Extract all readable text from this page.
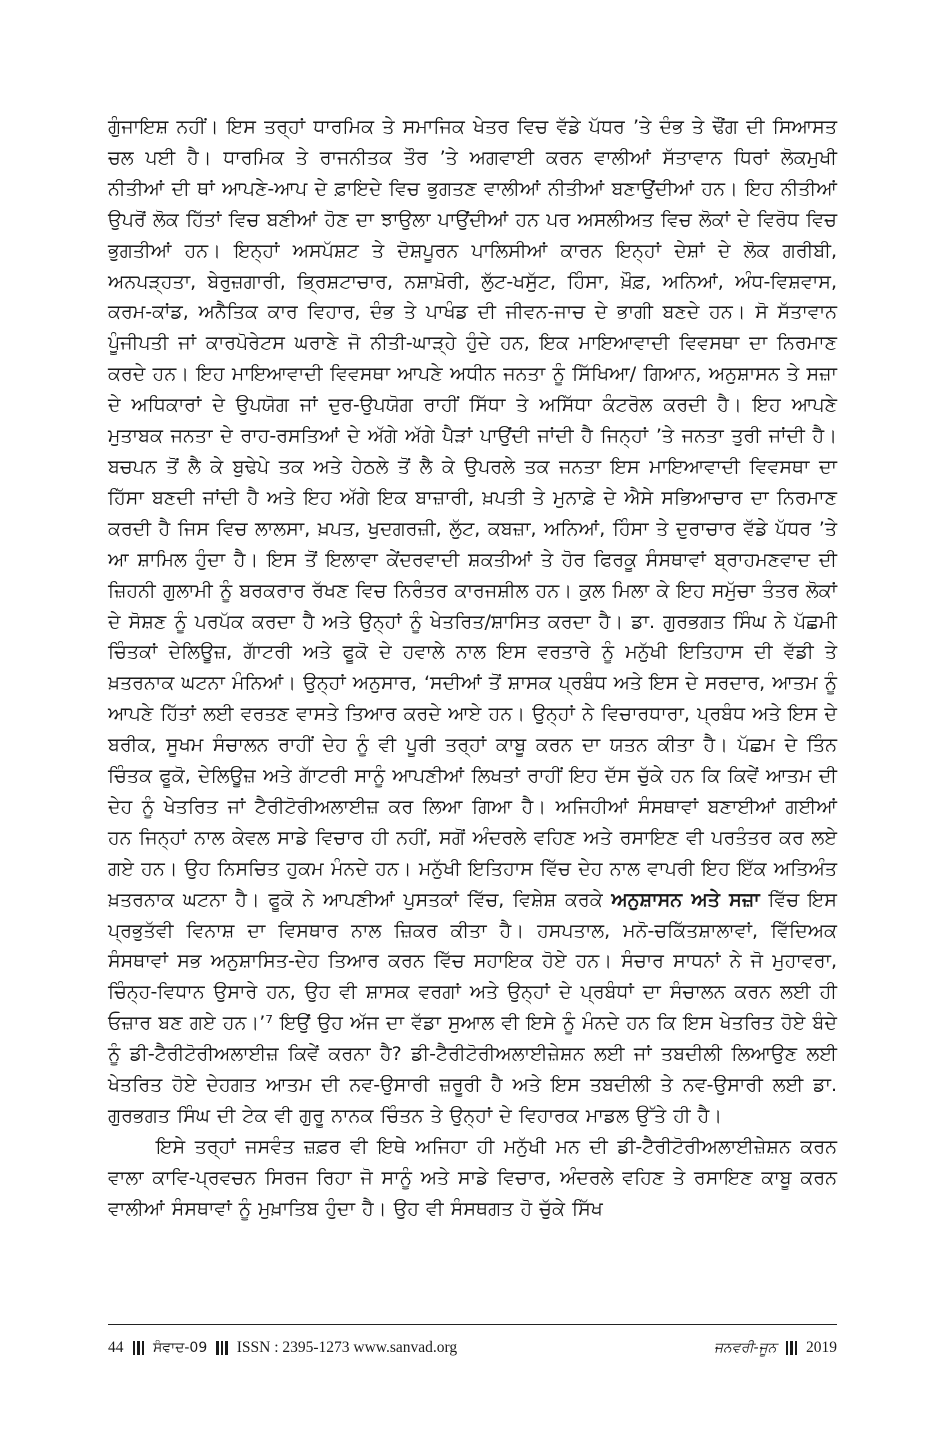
ਗੁੰਜਾਇਸ਼ ਨਹੀਂ। ਇਸ ਤਰ੍ਹਾਂ ਧਾਰਮਿਕ ਤੇ ਸਮਾਜਿਕ ਖੇਤਰ ਵਿਚ ਵੱਡੇ ਪੱਧਰ ’ਤੇ ਦੰਭ ਤੇ ਢੌਂਗ ਦੀ ਸਿਆਸਤ ਚਲ ਪਈ ਹੈ। ਧਾਰਮਿਕ ਤੇ ਰਾਜਨੀਤਕ ਤੌਰ ’ਤੇ ਅਗਵਾਈ ਕਰਨ ਵਾਲੀਆਂ ਸੱਤਾਵਾਨ ਧਿਰਾਂ ਲੋਕਮੁਖੀ ਨੀਤੀਆਂ ਦੀ ਥਾਂ ਆਪਣੇ-ਆਪ ਦੇ ਫ਼ਾਇਦੇ ਵਿਚ ਭੁਗਤਣ ਵਾਲੀਆਂ ਨੀਤੀਆਂ ਬਣਾਉਂਦੀਆਂ ਹਨ। ਇਹ ਨੀਤੀਆਂ ਉਪਰੋਂ ਲੋਕ ਹਿੱਤਾਂ ਵਿਚ ਬਣੀਆਂ ਹੋਣ ਦਾ ਝਾਉਲਾ ਪਾਉਂਦੀਆਂ ਹਨ ਪਰ ਅਸਲੀਅਤ ਵਿਚ ਲੋਕਾਂ ਦੇ ਵਿਰੋਧ ਵਿਚ ਭੁਗਤੀਆਂ ਹਨ। ਇਨ੍ਹਾਂ ਅਸਪੱਸ਼ਟ ਤੇ ਦੋਸ਼ਪੂਰਨ ਪਾਲਿਸੀਆਂ ਕਾਰਨ ਇਨ੍ਹਾਂ ਦੇਸ਼ਾਂ ਦੇ ਲੋਕ ਗਰੀਬੀ, ਅਨਪੜ੍ਹਤਾ, ਬੇਰੁਜ਼ਗਾਰੀ, ਭ੍ਰਿਸ਼ਟਾਚਾਰ, ਨਸ਼ਾਖ਼ੋਰੀ, ਲੁੱਟ-ਖਸੁੱਟ, ਹਿੰਸਾ, ਖ਼ੌਫ਼, ਅਨਿਆਂ, ਅੰਧ-ਵਿਸ਼ਵਾਸ, ਕਰਮ-ਕਾਂਡ, ਅਨੈਤਿਕ ਕਾਰ ਵਿਹਾਰ, ਦੰਭ ਤੇ ਪਾਖੰਡ ਦੀ ਜੀਵਨ-ਜਾਚ ਦੇ ਭਾਗੀ ਬਣਦੇ ਹਨ। ਸੋ ਸੱਤਾਵਾਨ ਪੂੰਜੀਪਤੀ ਜਾਂ ਕਾਰਪੋਰੇਟਸ ਘਰਾਣੇ ਜੋ ਨੀਤੀ-ਘਾੜ੍ਹੇ ਹੁੰਦੇ ਹਨ, ਇਕ ਮਾਇਆਵਾਦੀ ਵਿਵਸਥਾ ਦਾ ਨਿਰਮਾਣ ਕਰਦੇ ਹਨ। ਇਹ ਮਾਇਆਵਾਦੀ ਵਿਵਸਥਾ ਆਪਣੇ ਅਧੀਨ ਜਨਤਾ ਨੂੰ ਸਿੱਖਿਆ/ ਗਿਆਨ, ਅਨੁਸ਼ਾਸਨ ਤੇ ਸਜ਼ਾ ਦੇ ਅਧਿਕਾਰਾਂ ਦੇ ਉਪਯੋਗ ਜਾਂ ਦੁਰ-ਉਪਯੋਗ ਰਾਹੀਂ ਸਿੱਧਾ ਤੇ ਅਸਿੱਧਾ ਕੰਟਰੋਲ ਕਰਦੀ ਹੈ। ਇਹ ਆਪਣੇ ਮੁਤਾਬਕ ਜਨਤਾ ਦੇ ਰਾਹ-ਰਸਤਿਆਂ ਦੇ ਅੱਗੇ ਅੱਗੇ ਪੈੜਾਂ ਪਾਉਂਦੀ ਜਾਂਦੀ ਹੈ ਜਿਨ੍ਹਾਂ ’ਤੇ ਜਨਤਾ ਤੁਰੀ ਜਾਂਦੀ ਹੈ। ਬਚਪਨ ਤੋਂ ਲੈ ਕੇ ਬੁਢੇਪੇ ਤਕ ਅਤੇ ਹੇਠਲੇ ਤੋਂ ਲੈ ਕੇ ਉਪਰਲੇ ਤਕ ਜਨਤਾ ਇਸ ਮਾਇਆਵਾਦੀ ਵਿਵਸਥਾ ਦਾ ਹਿੱਸਾ ਬਣਦੀ ਜਾਂਦੀ ਹੈ ਅਤੇ ਇਹ ਅੱਗੇ ਇਕ ਬਾਜ਼ਾਰੀ, ਖ਼ਪਤੀ ਤੇ ਮੁਨਾਫ਼ੇ ਦੇ ਐਸੇ ਸਭਿਆਚਾਰ ਦਾ ਨਿਰਮਾਣ ਕਰਦੀ ਹੈ ਜਿਸ ਵਿਚ ਲਾਲਸਾ, ਖ਼ਪਤ, ਖੁਦਗਰਜ਼ੀ, ਲੁੱਟ, ਕਬਜ਼ਾ, ਅਨਿਆਂ, ਹਿੰਸਾ ਤੇ ਦੁਰਾਚਾਰ ਵੱਡੇ ਪੱਧਰ ’ਤੇ ਆ ਸ਼ਾਮਿਲ ਹੁੰਦਾ ਹੈ। ਇਸ ਤੋਂ ਇਲਾਵਾ ਕੇਂਦਰਵਾਦੀ ਸ਼ਕਤੀਆਂ ਤੇ ਹੋਰ ਫਿਰਕੂ ਸੰਸਥਾਵਾਂ ਬ੍ਰਾਹਮਣਵਾਦ ਦੀ ਜ਼ਿਹਨੀ ਗੁਲਾਮੀ ਨੂੰ ਬਰਕਰਾਰ ਰੱਖਣ ਵਿਚ ਨਿਰੰਤਰ ਕਾਰਜਸ਼ੀਲ ਹਨ। ਕੁਲ ਮਿਲਾ ਕੇ ਇਹ ਸਮੁੱਚਾ ਤੰਤਰ ਲੋਕਾਂ ਦੇ ਸੋਸ਼ਣ ਨੂੰ ਪਰਪੱਕ ਕਰਦਾ ਹੈ ਅਤੇ ਉਨ੍ਹਾਂ ਨੂੰ ਖੇਤਰਿਤ/ਸ਼ਾਸਿਤ ਕਰਦਾ ਹੈ। ਡਾ. ਗੁਰਭਗਤ ਸਿੰਘ ਨੇ ਪੱਛਮੀ ਚਿੰਤਕਾਂ ਦੇਲਿਊਜ਼, ਗਾੱਟਰੀ ਅਤੇ ਫੂਕੋ ਦੇ ਹਵਾਲੇ ਨਾਲ ਇਸ ਵਰਤਾਰੇ ਨੂੰ ਮਨੁੱਖੀ ਇਤਿਹਾਸ ਦੀ ਵੱਡੀ ਤੇ ਖ਼ਤਰਨਾਕ ਘਟਨਾ ਮੰਨਿਆਂ। ਉਨ੍ਹਾਂ ਅਨੁਸਾਰ, ‘ਸਦੀਆਂ ਤੋਂ ਸ਼ਾਸਕ ਪ੍ਰਬੰਧ ਅਤੇ ਇਸ ਦੇ ਸਰਦਾਰ, ਆਤਮ ਨੂੰ ਆਪਣੇ ਹਿੱਤਾਂ ਲਈ ਵਰਤਣ ਵਾਸਤੇ ਤਿਆਰ ਕਰਦੇ ਆਏ ਹਨ। ਉਨ੍ਹਾਂ ਨੇ ਵਿਚਾਰਧਾਰਾ, ਪ੍ਰਬੰਧ ਅਤੇ ਇਸ ਦੇ ਬਰੀਕ, ਸੂਖਮ ਸੰਚਾਲਨ ਰਾਹੀਂ ਦੇਹ ਨੂੰ ਵੀ ਪੂਰੀ ਤਰ੍ਹਾਂ ਕਾਬੂ ਕਰਨ ਦਾ ਯਤਨ ਕੀਤਾ ਹੈ। ਪੱਛਮ ਦੇ ਤਿੰਨ ਚਿੰਤਕ ਫੂਕੋ, ਦੇਲਿਊਜ਼ ਅਤੇ ਗਾੱਟਰੀ ਸਾਨੂੰ ਆਪਣੀਆਂ ਲਿਖਤਾਂ ਰਾਹੀਂ ਇਹ ਦੱਸ ਚੁੱਕੇ ਹਨ ਕਿ ਕਿਵੇਂ ਆਤਮ ਦੀ ਦੇਹ ਨੂੰ ਖੇਤਰਿਤ ਜਾਂ ਟੈਰੀਟੋਰੀਅਲਾਈਜ਼ ਕਰ ਲਿਆ ਗਿਆ ਹੈ। ਅਜਿਹੀਆਂ ਸੰਸਥਾਵਾਂ ਬਣਾਈਆਂ ਗਈਆਂ ਹਨ ਜਿਨ੍ਹਾਂ ਨਾਲ ਕੇਵਲ ਸਾਡੇ ਵਿਚਾਰ ਹੀ ਨਹੀਂ, ਸਗੋਂ ਅੰਦਰਲੇ ਵਹਿਣ ਅਤੇ ਰਸਾਇਣ ਵੀ ਪਰਤੰਤਰ ਕਰ ਲਏ ਗਏ ਹਨ। ਉਹ ਨਿਸਚਿਤ ਹੁਕਮ ਮੰਨਦੇ ਹਨ। ਮਨੁੱਖੀ ਇਤਿਹਾਸ ਵਿੱਚ ਦੇਹ ਨਾਲ ਵਾਪਰੀ ਇਹ ਇੱਕ ਅਤਿਅੰਤ ਖ਼ਤਰਨਾਕ ਘਟਨਾ ਹੈ। ਫੂਕੋ ਨੇ ਆਪਣੀਆਂ ਪੁਸਤਕਾਂ ਵਿੱਚ, ਵਿਸ਼ੇਸ਼ ਕਰਕੇ ਅਨੁਸ਼ਾਸਨ ਅਤੇ ਸਜ਼ਾ ਵਿੱਚ ਇਸ ਪ੍ਰਭੁਤੱਵੀ ਵਿਨਾਸ਼ ਦਾ ਵਿਸਥਾਰ ਨਾਲ ਜ਼ਿਕਰ ਕੀਤਾ ਹੈ। ਹਸਪਤਾਲ, ਮਨੋ-ਚਕਿੱਤਸ਼ਾਲਾਵਾਂ, ਵਿੱਦਿਅਕ ਸੰਸਥਾਵਾਂ ਸਭ ਅਨੁਸ਼ਾਸਿਤ-ਦੇਹ ਤਿਆਰ ਕਰਨ ਵਿੱਚ ਸਹਾਇਕ ਹੋਏ ਹਨ। ਸੰਚਾਰ ਸਾਧਨਾਂ ਨੇ ਜੋ ਮੁਹਾਵਰਾ, ਚਿੰਨ੍ਹ-ਵਿਧਾਨ ਉਸਾਰੇ ਹਨ, ਉਹ ਵੀ ਸ਼ਾਸਕ ਵਰਗਾਂ ਅਤੇ ਉਨ੍ਹਾਂ ਦੇ ਪ੍ਰਬੰਧਾਂ ਦਾ ਸੰਚਾਲਨ ਕਰਨ ਲਈ ਹੀ ਓਜ਼ਾਰ ਬਣ ਗਏ ਹਨ।’⁷ ਇਉਂ ਉਹ ਅੱਜ ਦਾ ਵੱਡਾ ਸੁਆਲ ਵੀ ਇਸੇ ਨੂੰ ਮੰਨਦੇ ਹਨ ਕਿ ਇਸ ਖੇਤਰਿਤ ਹੋਏ ਬੰਦੇ ਨੂੰ ਡੀ-ਟੈਰੀਟੋਰੀਅਲਾਈਜ਼ ਕਿਵੇਂ ਕਰਨਾ ਹੈ? ਡੀ-ਟੈਰੀਟੋਰੀਅਲਾਈਜ਼ੇਸ਼ਨ ਲਈ ਜਾਂ ਤਬਦੀਲੀ ਲਿਆਉਣ ਲਈ ਖੇਤਰਿਤ ਹੋਏ ਦੇਹਗਤ ਆਤਮ ਦੀ ਨਵ-ਉਸਾਰੀ ਜ਼ਰੂਰੀ ਹੈ ਅਤੇ ਇਸ ਤਬਦੀਲੀ ਤੇ ਨਵ-ਉਸਾਰੀ ਲਈ ਡਾ. ਗੁਰਭਗਤ ਸਿੰਘ ਦੀ ਟੇਕ ਵੀ ਗੁਰੂ ਨਾਨਕ ਚਿੰਤਨ ਤੇ ਉਨ੍ਹਾਂ ਦੇ ਵਿਹਾਰਕ ਮਾਡਲ ਉੱਤੇ ਹੀ ਹੈ।

ਇਸੇ ਤਰ੍ਹਾਂ ਜਸਵੰਤ ਜ਼ਫ਼ਰ ਵੀ ਇਥੇ ਅਜਿਹਾ ਹੀ ਮਨੁੱਖੀ ਮਨ ਦੀ ਡੀ-ਟੈਰੀਟੋਰੀਅਲਾਈਜ਼ੇਸ਼ਨ ਕਰਨ ਵਾਲਾ ਕਾਵਿ-ਪ੍ਰਵਚਨ ਸਿਰਜ ਰਿਹਾ ਜੋ ਸਾਨੂੰ ਅਤੇ ਸਾਡੇ ਵਿਚਾਰ, ਅੰਦਰਲੇ ਵਹਿਣ ਤੇ ਰਸਾਇਣ ਕਾਬੂ ਕਰਨ ਵਾਲੀਆਂ ਸੰਸਥਾਵਾਂ ਨੂੰ ਮੁਖ਼ਾਤਿਬ ਹੁੰਦਾ ਹੈ। ਉਹ ਵੀ ਸੰਸਥਗਤ ਹੋ ਚੁੱਕੇ ਸਿੱਖ

44 ਸੰਵਾਦ-09 ISSN : 2395-1273 www.sanvad.org	ਜਨਵਰੀ-ਜੂਨ 2019
